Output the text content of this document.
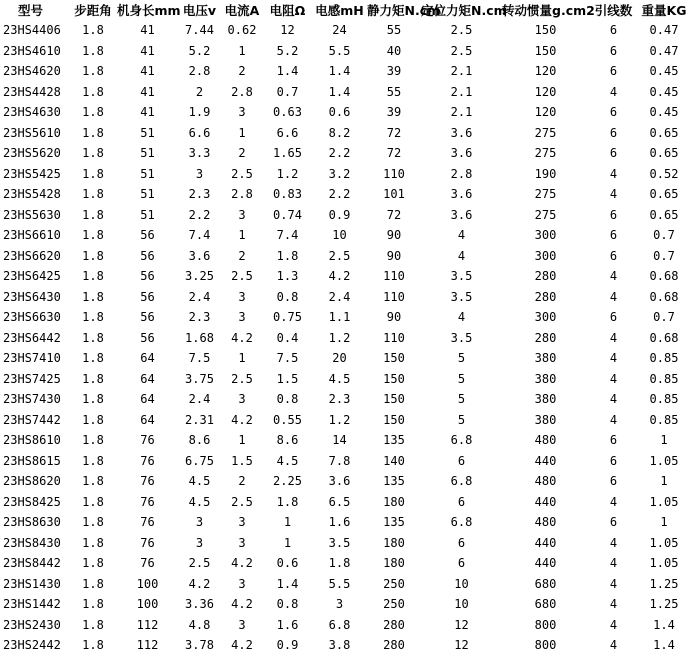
型号	步距角	机身长mm	电压v	电流A	电阻Ω	电感mH	静力矩N.cm	定位力矩N.cm	转动惯量g.cm2	引线数	重量KG
23HS4406	1.8	41	7.44	0.62	12	24	55	2.5	150	6	0.47
23HS4610	1.8	41	5.2	1	5.2	5.5	40	2.5	150	6	0.47
23HS4620	1.8	41	2.8	2	1.4	1.4	39	2.1	120	6	0.45
23HS4428	1.8	41	2	2.8	0.7	1.4	55	2.1	120	4	0.45
23HS4630	1.8	41	1.9	3	0.63	0.6	39	2.1	120	6	0.45
23HS5610	1.8	51	6.6	1	6.6	8.2	72	3.6	275	6	0.65
23HS5620	1.8	51	3.3	2	1.65	2.2	72	3.6	275	6	0.65
23HS5425	1.8	51	3	2.5	1.2	3.2	110	2.8	190	4	0.52
23HS5428	1.8	51	2.3	2.8	0.83	2.2	101	3.6	275	4	0.65
23HS5630	1.8	51	2.2	3	0.74	0.9	72	3.6	275	6	0.65
23HS6610	1.8	56	7.4	1	7.4	10	90	4	300	6	0.7
23HS6620	1.8	56	3.6	2	1.8	2.5	90	4	300	6	0.7
23HS6425	1.8	56	3.25	2.5	1.3	4.2	110	3.5	280	4	0.68
23HS6430	1.8	56	2.4	3	0.8	2.4	110	3.5	280	4	0.68
23HS6630	1.8	56	2.3	3	0.75	1.1	90	4	300	6	0.7
23HS6442	1.8	56	1.68	4.2	0.4	1.2	110	3.5	280	4	0.68
23HS7410	1.8	64	7.5	1	7.5	20	150	5	380	4	0.85
23HS7425	1.8	64	3.75	2.5	1.5	4.5	150	5	380	4	0.85
23HS7430	1.8	64	2.4	3	0.8	2.3	150	5	380	4	0.85
23HS7442	1.8	64	2.31	4.2	0.55	1.2	150	5	380	4	0.85
23HS8610	1.8	76	8.6	1	8.6	14	135	6.8	480	6	1
23HS8615	1.8	76	6.75	1.5	4.5	7.8	140	6	440	6	1.05
23HS8620	1.8	76	4.5	2	2.25	3.6	135	6.8	480	6	1
23HS8425	1.8	76	4.5	2.5	1.8	6.5	180	6	440	4	1.05
23HS8630	1.8	76	3	3	1	1.6	135	6.8	480	6	1
23HS8430	1.8	76	3	3	1	3.5	180	6	440	4	1.05
23HS8442	1.8	76	2.5	4.2	0.6	1.8	180	6	440	4	1.05
23HS1430	1.8	100	4.2	3	1.4	5.5	250	10	680	4	1.25
23HS1442	1.8	100	3.36	4.2	0.8	3	250	10	680	4	1.25
23HS2430	1.8	112	4.8	3	1.6	6.8	280	12	800	4	1.4
23HS2442	1.8	112	3.78	4.2	0.9	3.8	280	12	800	4	1.4
